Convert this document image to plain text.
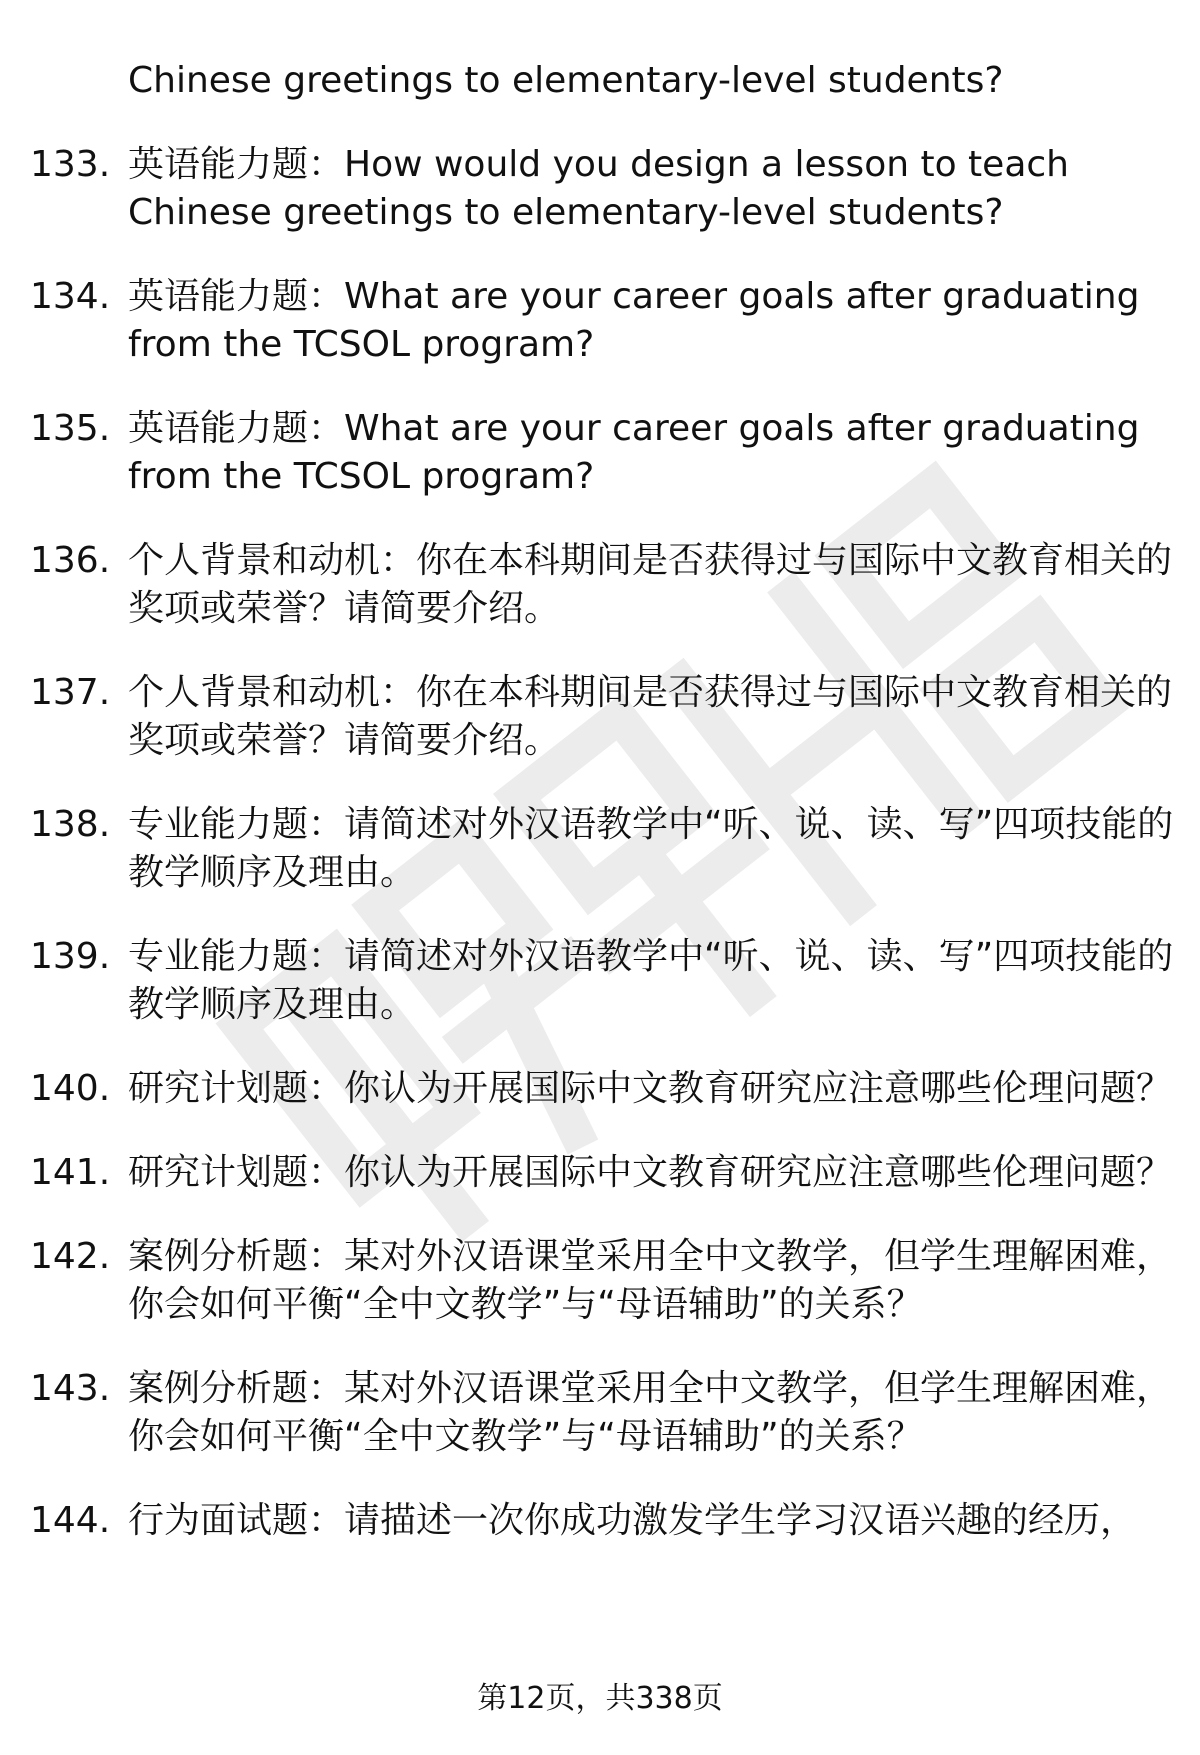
Chinese greetings to elementary-level students?
133. 英语能力题：How would you design a lesson to teach Chinese greetings to elementary-level students?
134. 英语能力题：What are your career goals after graduating from the TCSOL program?
135. 英语能力题：What are your career goals after graduating from the TCSOL program?
136. 个人背景和动机：你在本科期间是否获得过与国际中文教育相关的奖项或荣誉？请简要介绍。
137. 个人背景和动机：你在本科期间是否获得过与国际中文教育相关的奖项或荣誉？请简要介绍。
138. 专业能力题：请简述对外汉语教学中“听、说、读、写”四项技能的教学顺序及理由。
139. 专业能力题：请简述对外汉语教学中“听、说、读、写”四项技能的教学顺序及理由。
140. 研究计划题：你认为开展国际中文教育研究应注意哪些伦理问题？
141. 研究计划题：你认为开展国际中文教育研究应注意哪些伦理问题？
142. 案例分析题：某对外汉语课堂采用全中文教学，但学生理解困难，你会如何平衡“全中文教学”与“母语辅助”的关系？
143. 案例分析题：某对外汉语课堂采用全中文教学，但学生理解困难，你会如何平衡“全中文教学”与“母语辅助”的关系？
144. 行为面试题：请描述一次你成功激发学生学习汉语兴趣的经历，
第12页，共338页
